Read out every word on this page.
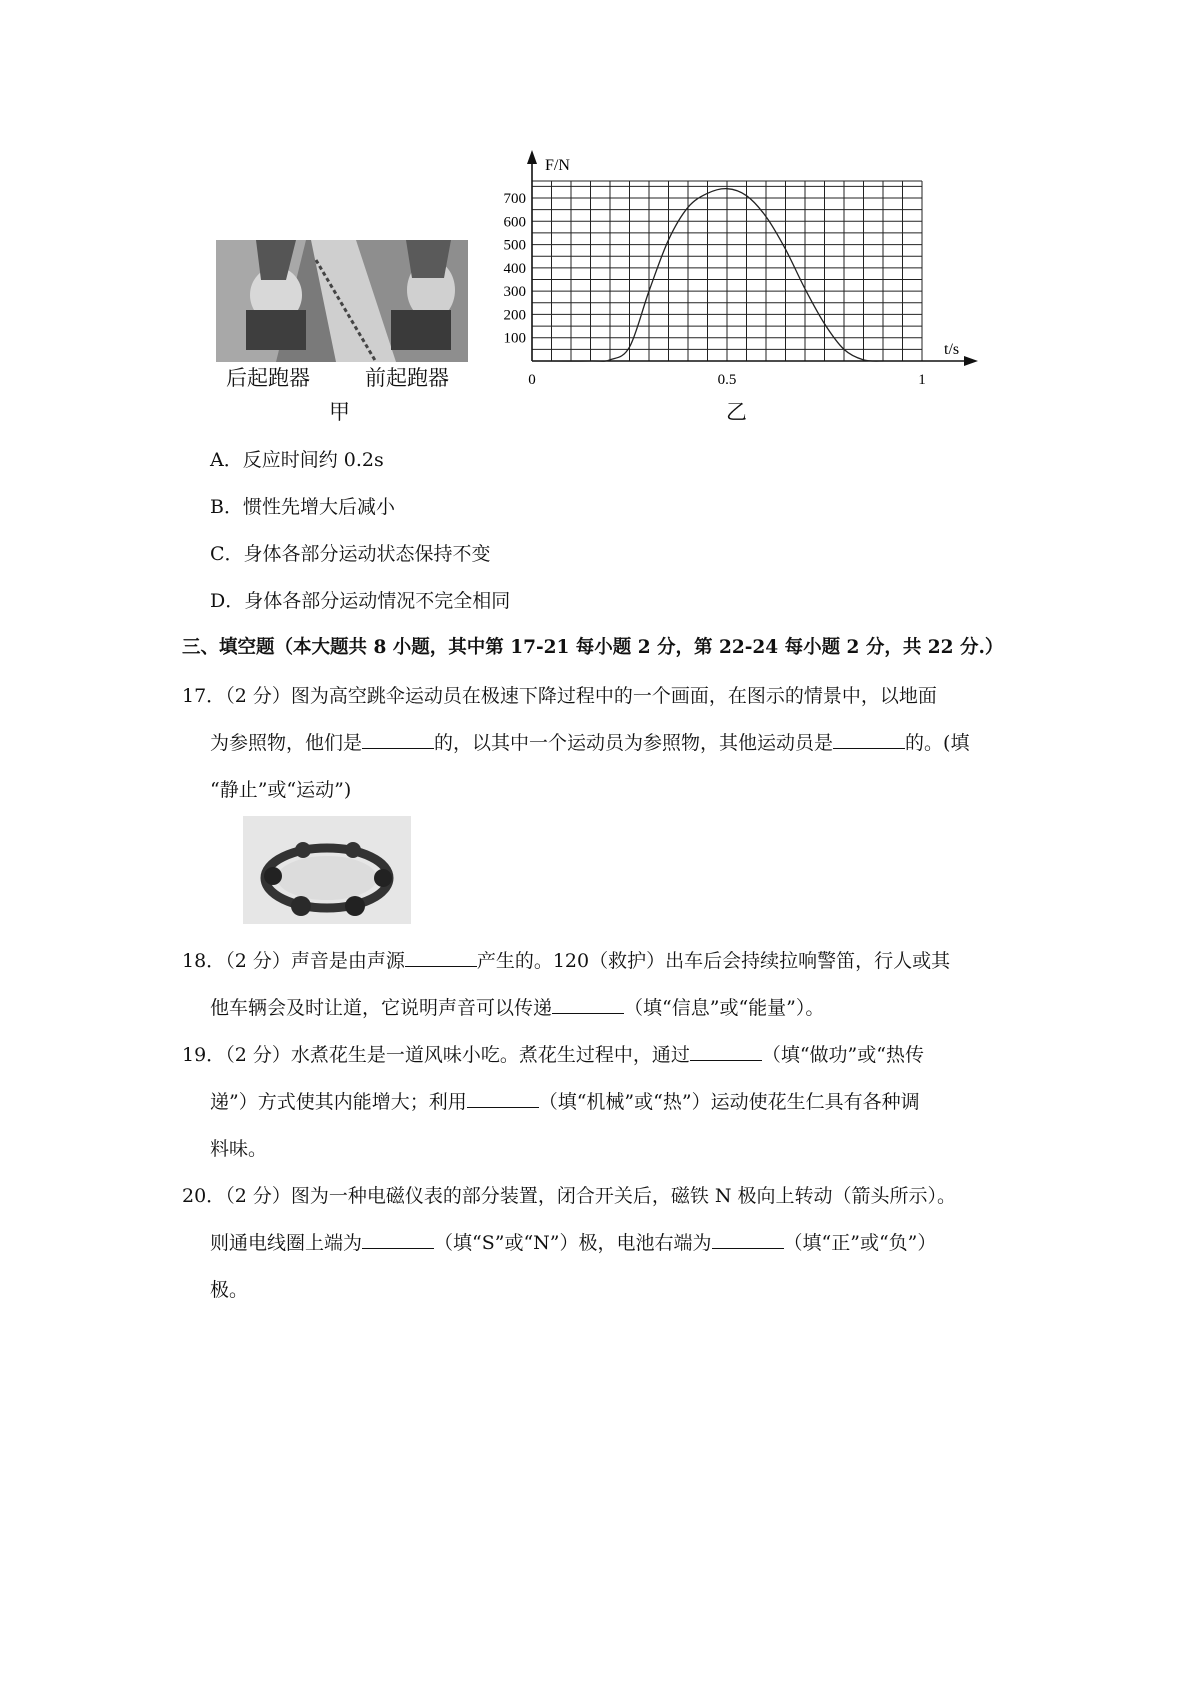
后起跑器	前起跑器
甲
100
200
300
400
500
600
700
0	0.5	1
F/N
t/s
乙
A．反应时间约 0.2s
B．惯性先增大后减小
C．身体各部分运动状态保持不变
D．身体各部分运动情况不完全相同
三、填空题（本大题共 8 小题，其中第 17-21 每小题 2 分，第 22-24 每小题 2 分，共 22 分.）
17．（2 分）图为高空跳伞运动员在极速下降过程中的一个画面，在图示的情景中，以地面
为参照物，他们是	的，以其中一个运动员为参照物，其他运动员是	的。(填
“静止”或“运动”)
18．（2 分）声音是由声源	产生的。120（救护）出车后会持续拉响警笛，行人或其
他车辆会及时让道，它说明声音可以传递	（填“信息”或“能量”）。
19．（2 分）水煮花生是一道风味小吃。煮花生过程中，通过	（填“做功”或“热传
递”）方式使其内能增大；利用	（填“机械”或“热”）运动使花生仁具有各种调
料味。
20．（2 分）图为一种电磁仪表的部分装置，闭合开关后，磁铁 N 极向上转动（箭头所示）。
则通电线圈上端为	（填“S”或“N”）极，电池右端为	（填“正”或“负”）
极。
